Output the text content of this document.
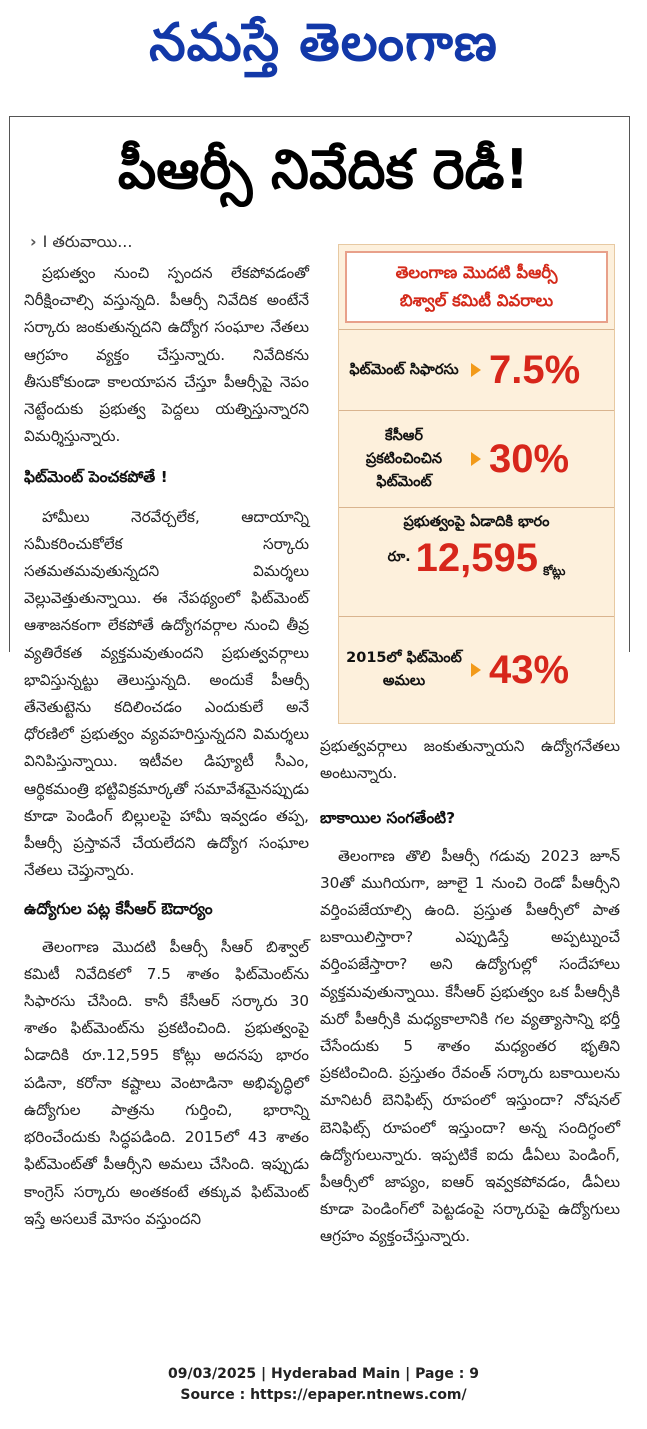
నమస్తే తెలంగాణ
పీఆర్సీ నివేదిక రెడీ!
› I తరువాయి...

ప్రభుత్వం నుంచి స్పందన లేకపోవడంతో నిరీక్షించాల్సి వస్తున్నది. పీఆర్సీ నివేదిక అంటేనే సర్కారు జంకుతున్నదని ఉద్యోగ సంఘాల నేతలు ఆగ్రహం వ్యక్తం చేస్తున్నారు. నివేదికను తీసుకోకుండా కాలయాపన చేస్తూ పీఆర్సీపై నెపం నెట్టేందుకు ప్రభుత్వ పెద్దలు యత్నిస్తున్నారని విమర్శిస్తున్నారు.

ఫిట్‌మెంట్ పెంచకపోతే !

హామీలు నెరవేర్చలేక, ఆదాయాన్ని సమీకరించుకోలేక సర్కారు సతమతమవుతున్నదని విమర్శలు వెల్లువెత్తుతున్నాయి. ఈ నేపథ్యంలో ఫిట్‌మెంట్ ఆశాజనకంగా లేకపోతే ఉద్యోగవర్గాల నుంచి తీవ్ర వ్యతిరేకత వ్యక్తమవుతుందని ప్రభుత్వవర్గాలు భావిస్తున్నట్టు తెలుస్తున్నది. అందుకే పీఆర్సీ తేనెతుట్టెను కదిలించడం ఎందుకులే అనే ధోరణిలో ప్రభుత్వం వ్యవహరిస్తున్నదని విమర్శలు వినిపిస్తున్నాయి. ఇటీవల డిప్యూటీ సీఎం, ఆర్థికమంత్రి భట్టివిక్రమార్కతో సమావేశమైనప్పుడు కూడా పెండింగ్ బిల్లులపై హామీ ఇవ్వడం తప్ప, పీఆర్సీ ప్రస్తావనే చేయలేదని ఉద్యోగ సంఘాల నేతలు చెప్తున్నారు.

ఉద్యోగుల పట్ల కేసీఆర్ ఔదార్యం

తెలంగాణ మొదటి పీఆర్సీ సీఆర్ బిశ్వాల్ కమిటీ నివేదికలో 7.5 శాతం ఫిట్‌మెంట్‌ను సిఫారసు చేసింది. కానీ కేసీఆర్ సర్కారు 30 శాతం ఫిట్‌మెంట్‌ను ప్రకటించింది. ప్రభుత్వంపై ఏడాదికి రూ.12,595 కోట్లు అదనపు భారం పడినా, కరోనా కష్టాలు వెంటాడినా అభివృద్ధిలో ఉద్యోగుల పాత్రను గుర్తించి, భారాన్ని భరించేందుకు సిద్ధపడింది. 2015లో 43 శాతం ఫిట్‌మెంట్‌తో పీఆర్సీని అమలు చేసింది. ఇప్పుడు కాంగ్రెస్ సర్కారు అంతకంటే తక్కువ ఫిట్‌మెంట్ ఇస్తే అసలుకే మోసం వస్తుందని

తెలంగాణ మొదటి పీఆర్సీ
బిశ్వాల్ కమిటీ వివరాలు
ఫిట్‌మెంట్ సిఫారసు 7.5%
కేసీఆర్ ప్రకటించించిన ఫిట్‌మెంట్
30%
ప్రభుత్వంపై ఏడాదికి భారం
రూ. 12,595 కోట్లు
2015లో ఫిట్‌మెంట్ అమలు	43%

ప్రభుత్వవర్గాలు జంకుతున్నాయని ఉద్యోగనేతలు అంటున్నారు.

బాకాయిల సంగతేంటి?

తెలంగాణ తొలి పీఆర్సీ గడువు 2023 జూన్ 30తో ముగియగా, జూలై 1 నుంచి రెండో పీఆర్సీని వర్తింపజేయాల్సి ఉంది. ప్రస్తుత పీఆర్సీలో పాత బకాయిలిస్తారా? ఎప్పుడిస్తే అప్పట్నుంచే వర్తింపజేస్తారా? అని ఉద్యోగుల్లో సందేహాలు వ్యక్తమవుతున్నాయి. కేసీఆర్ ప్రభుత్వం ఒక పీఆర్సీకి మరో పీఆర్సీకి మధ్యకాలానికి గల వ్యత్యాసాన్ని భర్తీ చేసేందుకు 5 శాతం మధ్యంతర భృతిని ప్రకటించింది. ప్రస్తుతం రేవంత్ సర్కారు బకాయిలను మానిటరీ బెనిఫిట్స్ రూపంలో ఇస్తుందా? నోషనల్ బెనిఫిట్స్ రూపంలో ఇస్తుందా? అన్న సందిగ్ధంలో ఉద్యోగులున్నారు. ఇప్పటికే ఐదు డీఏలు పెండింగ్, పీఆర్సీలో జాప్యం, ఐఆర్ ఇవ్వకపోవడం, డీఏలు కూడా పెండింగ్‌లో పెట్టడంపై సర్కారుపై ఉద్యోగులు ఆగ్రహం వ్యక్తంచేస్తున్నారు.

09/03/2025 | Hyderabad Main | Page : 9
Source : https://epaper.ntnews.com/
